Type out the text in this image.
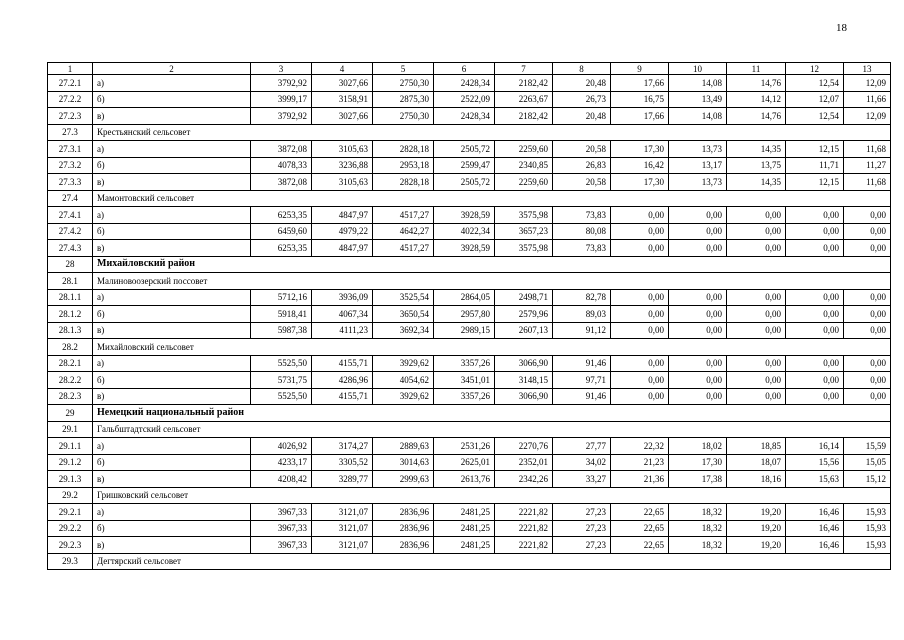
18
1	2	3	4	5	6	7	8	9	10	11	12	13
27.2.1	а)	3792,92	3027,66	2750,30	2428,34	2182,42	20,48	17,66	14,08	14,76	12,54	12,09
27.2.2	б)	3999,17	3158,91	2875,30	2522,09	2263,67	26,73	16,75	13,49	14,12	12,07	11,66
27.2.3	в)	3792,92	3027,66	2750,30	2428,34	2182,42	20,48	17,66	14,08	14,76	12,54	12,09
27.3	Крестьянский сельсовет											
27.3.1	а)	3872,08	3105,63	2828,18	2505,72	2259,60	20,58	17,30	13,73	14,35	12,15	11,68
27.3.2	б)	4078,33	3236,88	2953,18	2599,47	2340,85	26,83	16,42	13,17	13,75	11,71	11,27
27.3.3	в)	3872,08	3105,63	2828,18	2505,72	2259,60	20,58	17,30	13,73	14,35	12,15	11,68
27.4	Мамонтовский сельсовет											
27.4.1	а)	6253,35	4847,97	4517,27	3928,59	3575,98	73,83	0,00	0,00	0,00	0,00	0,00
27.4.2	б)	6459,60	4979,22	4642,27	4022,34	3657,23	80,08	0,00	0,00	0,00	0,00	0,00
27.4.3	в)	6253,35	4847,97	4517,27	3928,59	3575,98	73,83	0,00	0,00	0,00	0,00	0,00
28	Михайловский район											
28.1	Малиновоозерский поссовет											
28.1.1	а)	5712,16	3936,09	3525,54	2864,05	2498,71	82,78	0,00	0,00	0,00	0,00	0,00
28.1.2	б)	5918,41	4067,34	3650,54	2957,80	2579,96	89,03	0,00	0,00	0,00	0,00	0,00
28.1.3	в)	5987,38	4111,23	3692,34	2989,15	2607,13	91,12	0,00	0,00	0,00	0,00	0,00
28.2	Михайловский сельсовет											
28.2.1	а)	5525,50	4155,71	3929,62	3357,26	3066,90	91,46	0,00	0,00	0,00	0,00	0,00
28.2.2	б)	5731,75	4286,96	4054,62	3451,01	3148,15	97,71	0,00	0,00	0,00	0,00	0,00
28.2.3	в)	5525,50	4155,71	3929,62	3357,26	3066,90	91,46	0,00	0,00	0,00	0,00	0,00
29	Немецкий национальный район											
29.1	Гальбштадтский сельсовет											
29.1.1	а)	4026,92	3174,27	2889,63	2531,26	2270,76	27,77	22,32	18,02	18,85	16,14	15,59
29.1.2	б)	4233,17	3305,52	3014,63	2625,01	2352,01	34,02	21,23	17,30	18,07	15,56	15,05
29.1.3	в)	4208,42	3289,77	2999,63	2613,76	2342,26	33,27	21,36	17,38	18,16	15,63	15,12
29.2	Гришковский сельсовет											
29.2.1	а)	3967,33	3121,07	2836,96	2481,25	2221,82	27,23	22,65	18,32	19,20	16,46	15,93
29.2.2	б)	3967,33	3121,07	2836,96	2481,25	2221,82	27,23	22,65	18,32	19,20	16,46	15,93
29.2.3	в)	3967,33	3121,07	2836,96	2481,25	2221,82	27,23	22,65	18,32	19,20	16,46	15,93
29.3	Дегтярский сельсовет											
